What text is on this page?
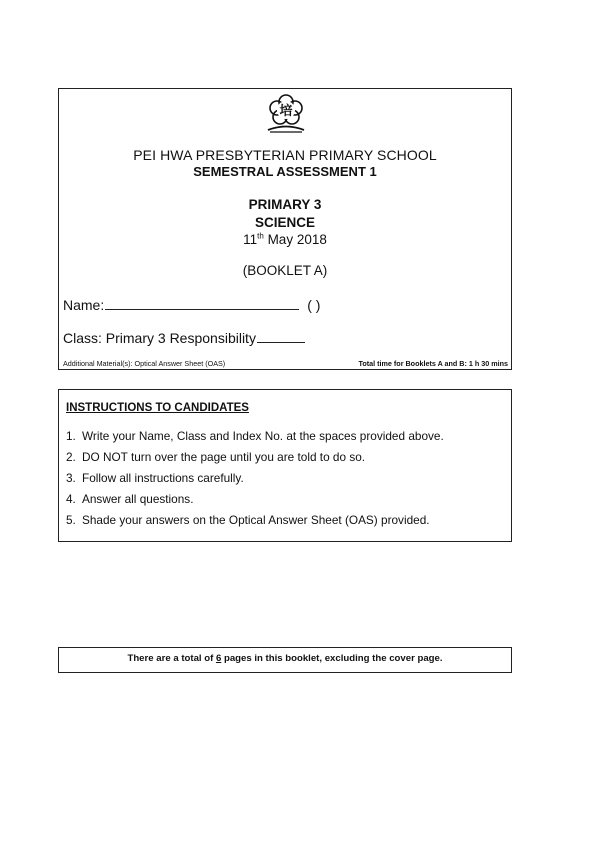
培
PEI HWA PRESBYTERIAN PRIMARY SCHOOL
SEMESTRAL ASSESSMENT 1
PRIMARY 3
SCIENCE
11th May 2018
(BOOKLET A)
Name:	( )
Class: Primary 3 Responsibility
Additional Material(s): Optical Answer Sheet (OAS)	Total time for Booklets A and B: 1 h 30 mins
INSTRUCTIONS TO CANDIDATES
1. Write your Name, Class and Index No. at the spaces provided above.
2. DO NOT turn over the page until you are told to do so.
3. Follow all instructions carefully.
4. Answer all questions.
5. Shade your answers on the Optical Answer Sheet (OAS) provided.
There are a total of 6 pages in this booklet, excluding the cover page.
